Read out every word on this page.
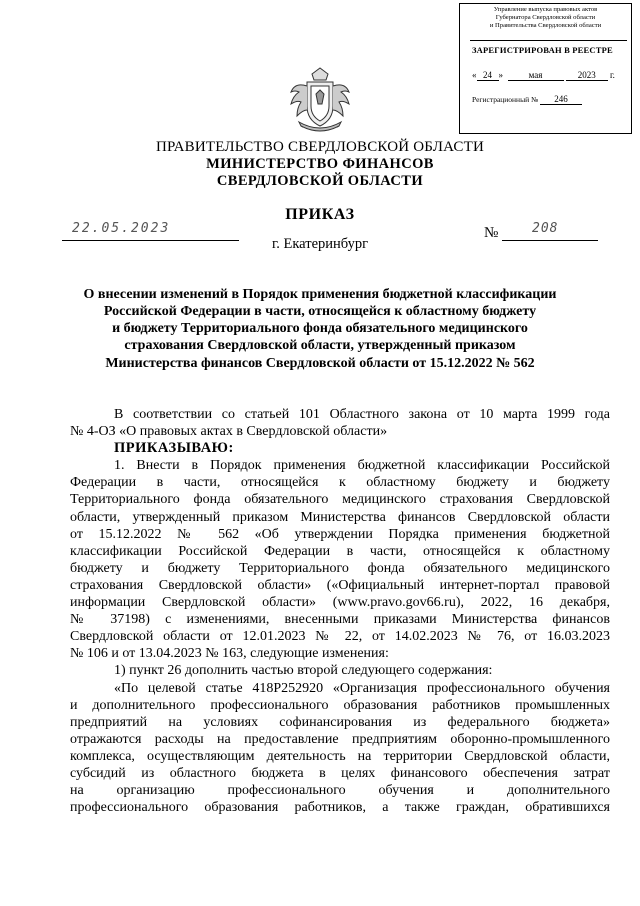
Управление выпуска правовых актов
Губернатора Свердловской области
и Правительства Свердловской области
ЗАРЕГИСТРИРОВАН В РЕЕСТРЕ
« 24 »  мая	2023 г.
Регистрационный № 246
ПРАВИТЕЛЬСТВО СВЕРДЛОВСКОЙ ОБЛАСТИ
МИНИСТЕРСТВО ФИНАНСОВ
СВЕРДЛОВСКОЙ ОБЛАСТИ
ПРИКАЗ
22.05.2023	№	208
г. Екатеринбург
О внесении изменений в Порядок применения бюджетной классификации
Российской Федерации в части, относящейся к областному бюджету
и бюджету Территориального фонда обязательного медицинского
страхования Свердловской области, утвержденный приказом
Министерства финансов Свердловской области от 15.12.2022 № 562

В соответствии со статьей 101 Областного закона от 10 марта 1999 года

№ 4-ОЗ «О правовых актах в Свердловской области»

ПРИКАЗЫВАЮ:

1. Внести в Порядок применения бюджетной классификации Российской

Федерации в части, относящейся к областному бюджету и бюджету

Территориального фонда обязательного медицинского страхования Свердловской

области, утвержденный приказом Министерства финансов Свердловской области

от 15.12.2022 № 562 «Об утверждении Порядка применения бюджетной

классификации Российской Федерации в части, относящейся к областному

бюджету и бюджету Территориального фонда обязательного медицинского

страхования Свердловской области» («Официальный интернет-портал правовой

информации Свердловской области» (www.pravo.gov66.ru), 2022, 16 декабря,

№ 37198) с изменениями, внесенными приказами Министерства финансов

Свердловской области от 12.01.2023 № 22, от 14.02.2023 № 76, от 16.03.2023

№ 106 и от 13.04.2023 № 163, следующие изменения:

1) пункт 26 дополнить частью второй следующего содержания:

«По целевой статье 418Р252920 «Организация профессионального обучения

и дополнительного профессионального образования работников промышленных

предприятий на условиях софинансирования из федерального бюджета»

отражаются расходы на предоставление предприятиям оборонно-промышленного

комплекса, осуществляющим деятельность на территории Свердловской области,

субсидий из областного бюджета в целях финансового обеспечения затрат

на организацию профессионального обучения и дополнительного

профессионального образования работников, а также граждан, обратившихся
